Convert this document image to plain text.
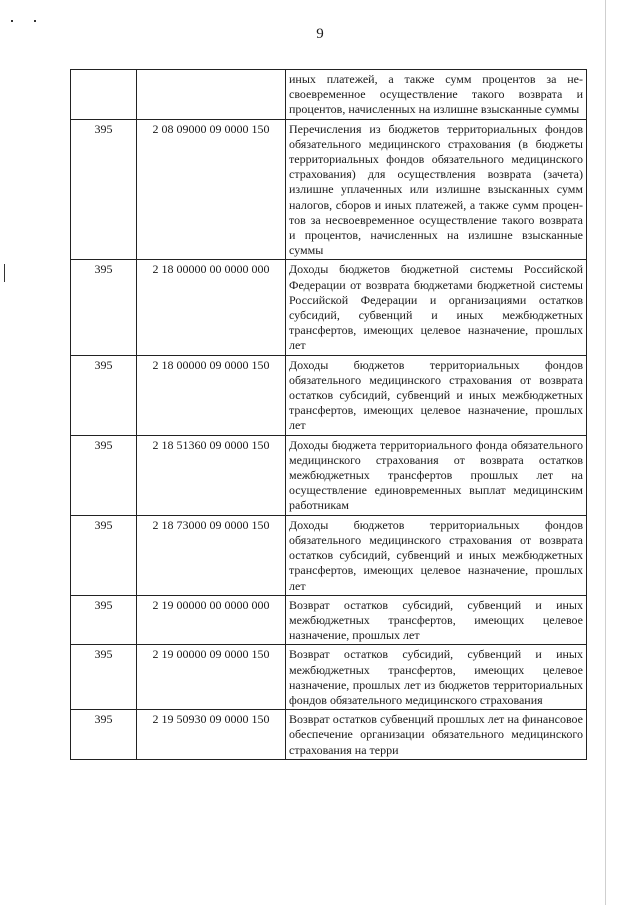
9
		иных платежей, а также сумм процентов за несвоевременное осуществление такого возврата и процентов, начисленных на излишне взысканные суммы
395	2 08 09000 09 0000 150	Перечисления из бюджетов территориальных фондов обязательного медицинского страхования (в бюджеты территориальных фондов обязательного медицинского страхования) для осуществления возврата (зачета) излишне уплаченных или излишне взысканных сумм налогов, сборов и иных платежей, а также сумм процентов за несвоевременное осуществление такого возврата и процентов, начисленных на излишне взысканные суммы
395	2 18 00000 00 0000 000	Доходы бюджетов бюджетной системы Российской Федерации от возврата бюджетами бюджетной системы Российской Федерации и организациями остатков субсидий, субвенций и иных межбюджетных трансфертов, имеющих целевое назначение, прошлых лет
395	2 18 00000 09 0000 150	Доходы бюджетов территориальных фондов обязательного медицинского страхования от возврата остатков субсидий, субвенций и иных межбюджетных трансфертов, имеющих целевое назначение, прошлых лет
395	2 18 51360 09 0000 150	Доходы бюджета территориального фонда обязательного медицинского страхования от возврата остатков межбюджетных трансфертов прошлых лет на осуществление единовременных выплат медицинским работникам
395	2 18 73000 09 0000 150	Доходы бюджетов территориальных фондов обязательного медицинского страхования от возврата остатков субсидий, субвенций и иных межбюджетных трансфертов, имеющих целевое назначение, прошлых лет
395	2 19 00000 00 0000 000	Возврат остатков субсидий, субвенций и иных межбюджетных трансфертов, имеющих целевое назначение, прошлых лет
395	2 19 00000 09 0000 150	Возврат остатков субсидий, субвенций и иных межбюджетных трансфертов, имеющих целевое назначение, прошлых лет из бюджетов территориальных фондов обязательного медицинского страхования
395	2 19 50930 09 0000 150	Возврат остатков субвенций прошлых лет на финансовое обеспечение организации обязательного медицинского страхования на терри
